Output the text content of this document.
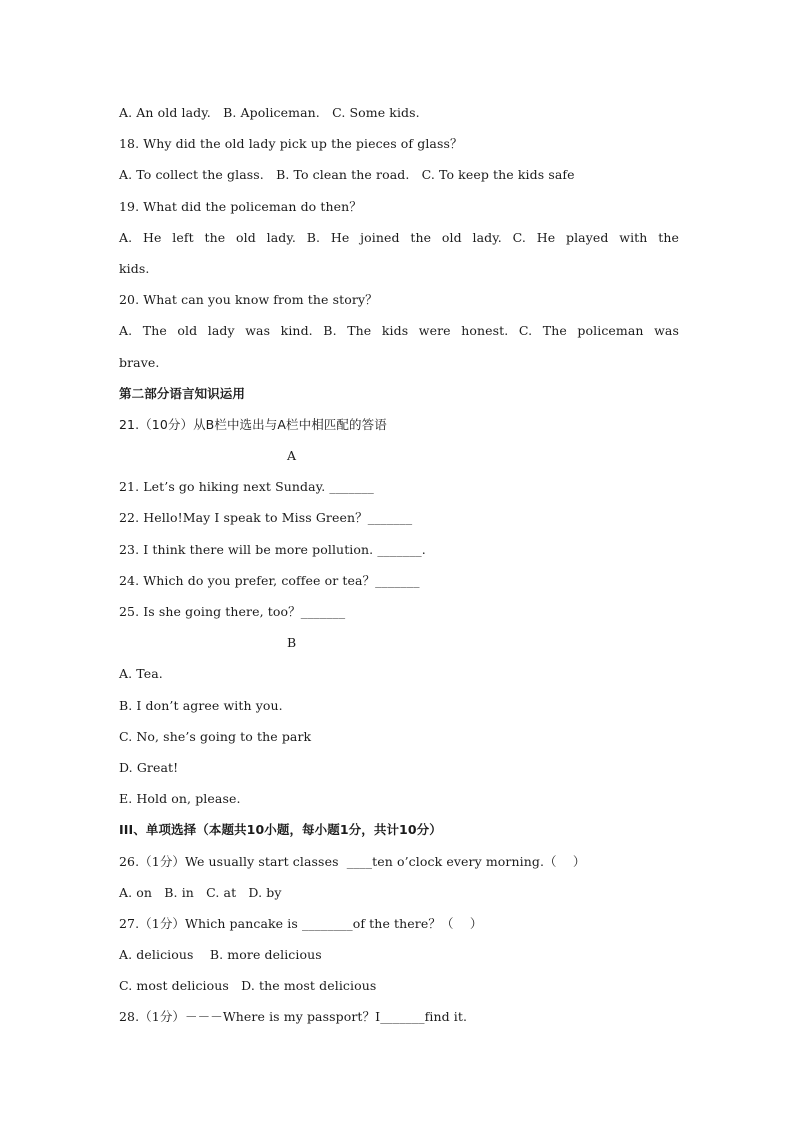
A. An old lady.   B. Apoliceman.   C. Some kids.
18. Why did the old lady pick up the pieces of glass？
A. To collect the glass.   B. To clean the road.   C. To keep the kids safe
19. What did the policeman do then？
A. He left the old lady. B. He joined the old lady. C. He played with the
kids.
20. What can you know from the story？
A. The old lady was kind. B. The kids were honest. C. The policeman was
brave.
第二部分语言知识运用
21.（10分）从B栏中选出与A栏中相匹配的答语
A
21. Let’s go hiking next Sunday. _______
22. Hello!May I speak to Miss Green？_______
23. I think there will be more pollution. _______.
24. Which do you prefer, coffee or tea？_______
25. Is she going there, too？_______
B
A. Tea.
B. I don’t agree with you.
C. No, she’s going to the park
D. Great!
E. Hold on, please.
III、单项选择（本题共10小题，每小题1分，共计10分）
26.（1分）We usually start classes  ____ten o’clock every morning.（    ）
A. on   B. in   C. at   D. by
27.（1分）Which pancake is ________of the there？（    ）
A. delicious    B. more delicious
C. most delicious   D. the most delicious
28.（1分）－－－Where is my passport？I_______find it.
